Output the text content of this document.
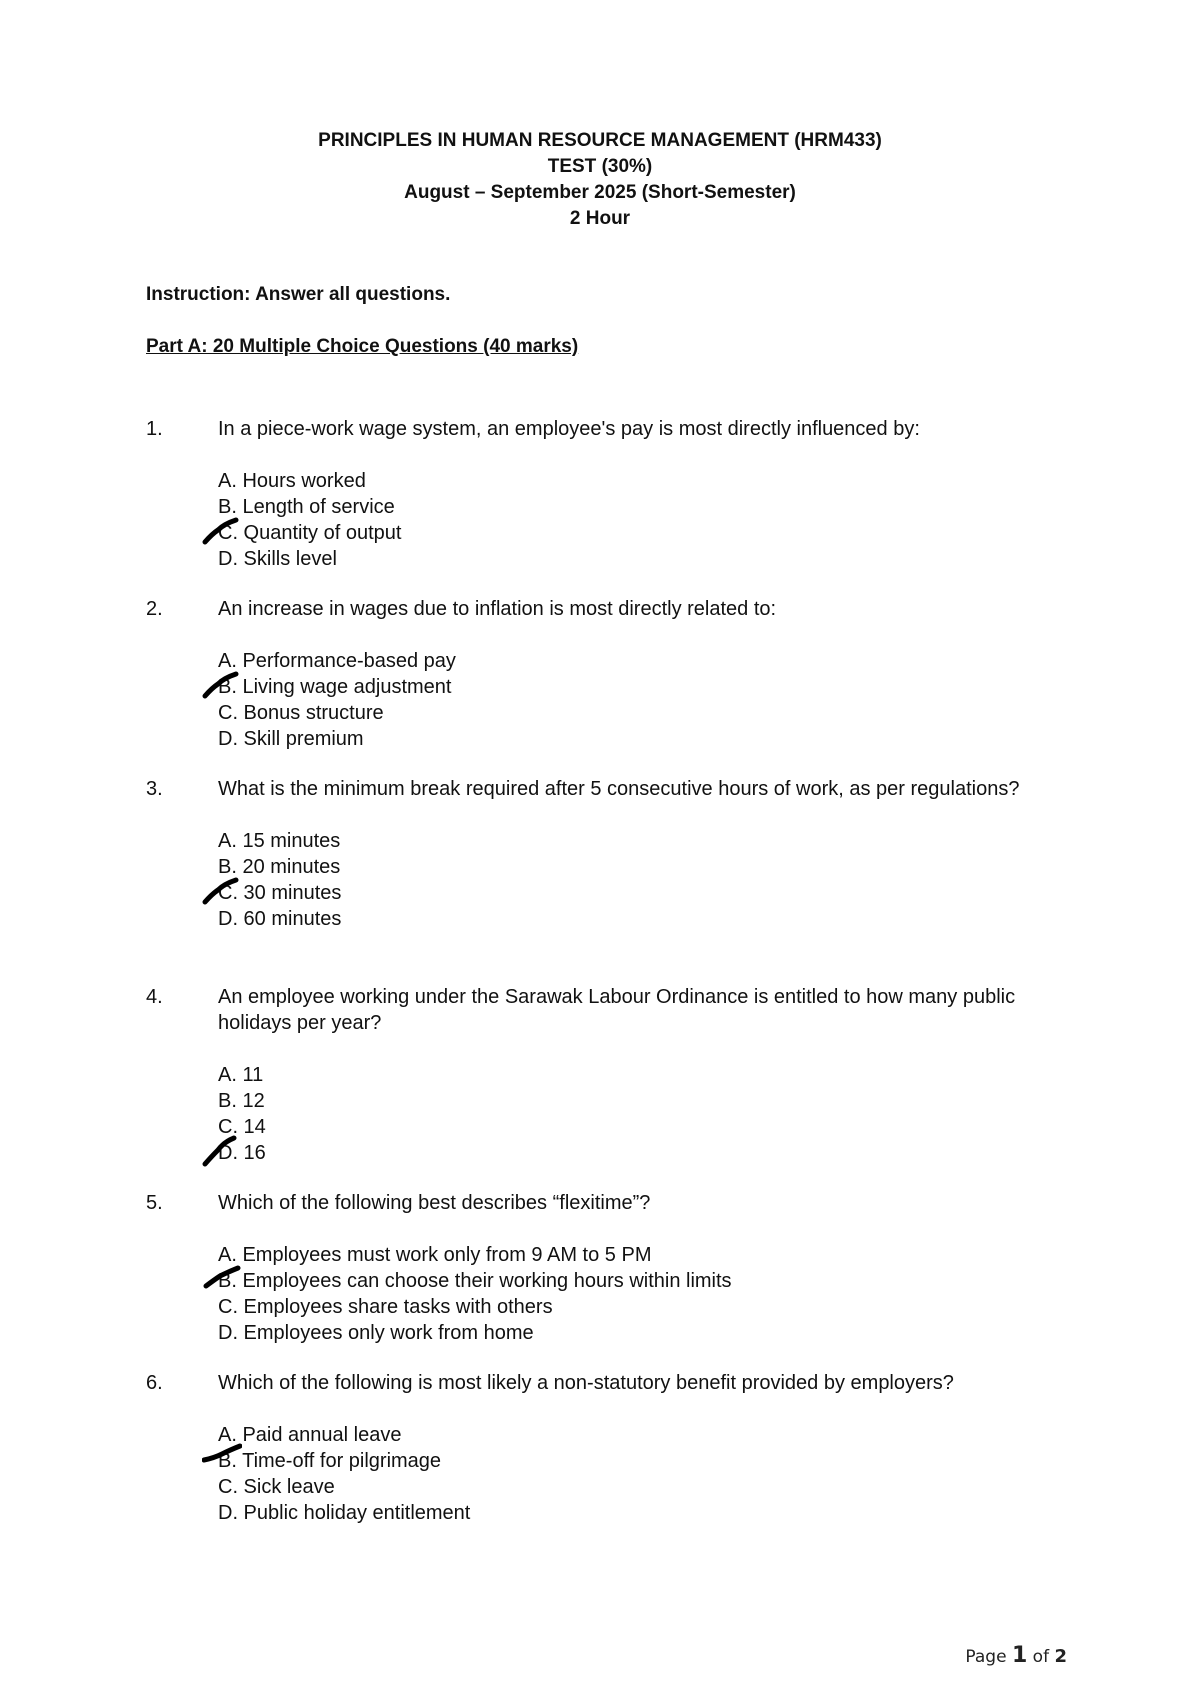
PRINCIPLES IN HUMAN RESOURCE MANAGEMENT (HRM433)
TEST (30%)
August – September 2025 (Short-Semester)
2 Hour
Instruction: Answer all questions.
Part A: 20 Multiple Choice Questions (40 marks)
1.	In a piece-work wage system, an employee's pay is most directly influenced by:
A. Hours worked
B. Length of service
C. Quantity of output
D. Skills level
2.	An increase in wages due to inflation is most directly related to:
A. Performance-based pay
B. Living wage adjustment
C. Bonus structure
D. Skill premium
3.	What is the minimum break required after 5 consecutive hours of work, as per regulations?
A. 15 minutes
B. 20 minutes
C. 30 minutes
D. 60 minutes
4.	An employee working under the Sarawak Labour Ordinance is entitled to how many public holidays per year?
A. 11
B. 12
C. 14
D. 16
5.	Which of the following best describes “flexitime”?
A. Employees must work only from 9 AM to 5 PM
B. Employees can choose their working hours within limits
C. Employees share tasks with others
D. Employees only work from home
6.	Which of the following is most likely a non-statutory benefit provided by employers?
A. Paid annual leave
B. Time-off for pilgrimage
C. Sick leave
D. Public holiday entitlement
Page 1 of 2
